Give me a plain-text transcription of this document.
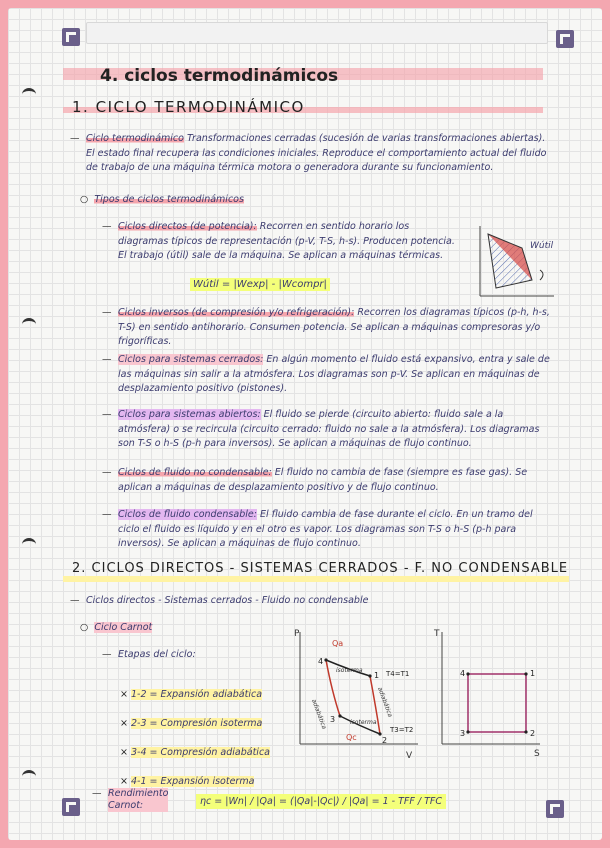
4. ciclos termodinámicos
1. CICLO TERMODINÁMICO
— Ciclo termodinámico Transformaciones cerradas (sucesión de varias transformaciones abiertas). El estado final recupera las condiciones iniciales. Reproduce el comportamiento actual del fluido de trabajo de una máquina térmica motora o generadora durante su funcionamiento.
○  Tipos de ciclos termodinámicos
— Ciclos directos (de potencia): Recorren en sentido horario los diagramas típicos de representación (p-V, T-S, h-s). Producen potencia. El trabajo (útil) sale de la máquina. Se aplican a máquinas térmicas.
Wútil = |Wexp| - |Wcompr|
Wútil
— Ciclos inversos (de compresión y/o refrigeración): Recorren los diagramas típicos (p-h, h-s, T-S) en sentido antihorario. Consumen potencia. Se aplican a máquinas compresoras y/o frigoríficas.
— Ciclos para sistemas cerrados: En algún momento el fluido está expansivo, entra y sale de las máquinas sin salir a la atmósfera. Los diagramas son p-V. Se aplican en máquinas de desplazamiento positivo (pistones).
— Ciclos para sistemas abiertos: El fluido se pierde (circuito abierto: fluido sale a la atmósfera) o se recircula (circuito cerrado: fluido no sale a la atmósfera). Los diagramas son T-S o h-S (p-h para inversos). Se aplican a máquinas de flujo continuo.
— Ciclos de fluido no condensable: El fluido no cambia de fase (siempre es fase gas). Se aplican a máquinas de desplazamiento positivo y de flujo continuo.
— Ciclos de fluido condensable: El fluido cambia de fase durante el ciclo. En un tramo del ciclo el fluido es líquido y en el otro es vapor. Los diagramas son T-S o h-S (p-h para inversos). Se aplican a máquinas de flujo continuo.
2. CICLOS DIRECTOS - SISTEMAS CERRADOS - F. NO CONDENSABLE
— Ciclos directos - Sistemas cerrados - Fluido no condensable
○  Ciclo Carnot
— Etapas del ciclo:
× 1-2 = Expansión adiabática
× 2-3 = Compresión isoterma
× 3-4 = Compresión adiabática
× 4-1 = Expansión isoterma
— Rendimiento
Carnot:	ηc = |Wn| / |Qa| = (|Qa|-|Qc|) / |Qa| = 1 - TFF / TFC
P
V
4
1
2
3
Qa
Qc
isoterma
isoterma
adiabática	adiabática
T4=T1
T3=T2
T
S
4	1
2
3
